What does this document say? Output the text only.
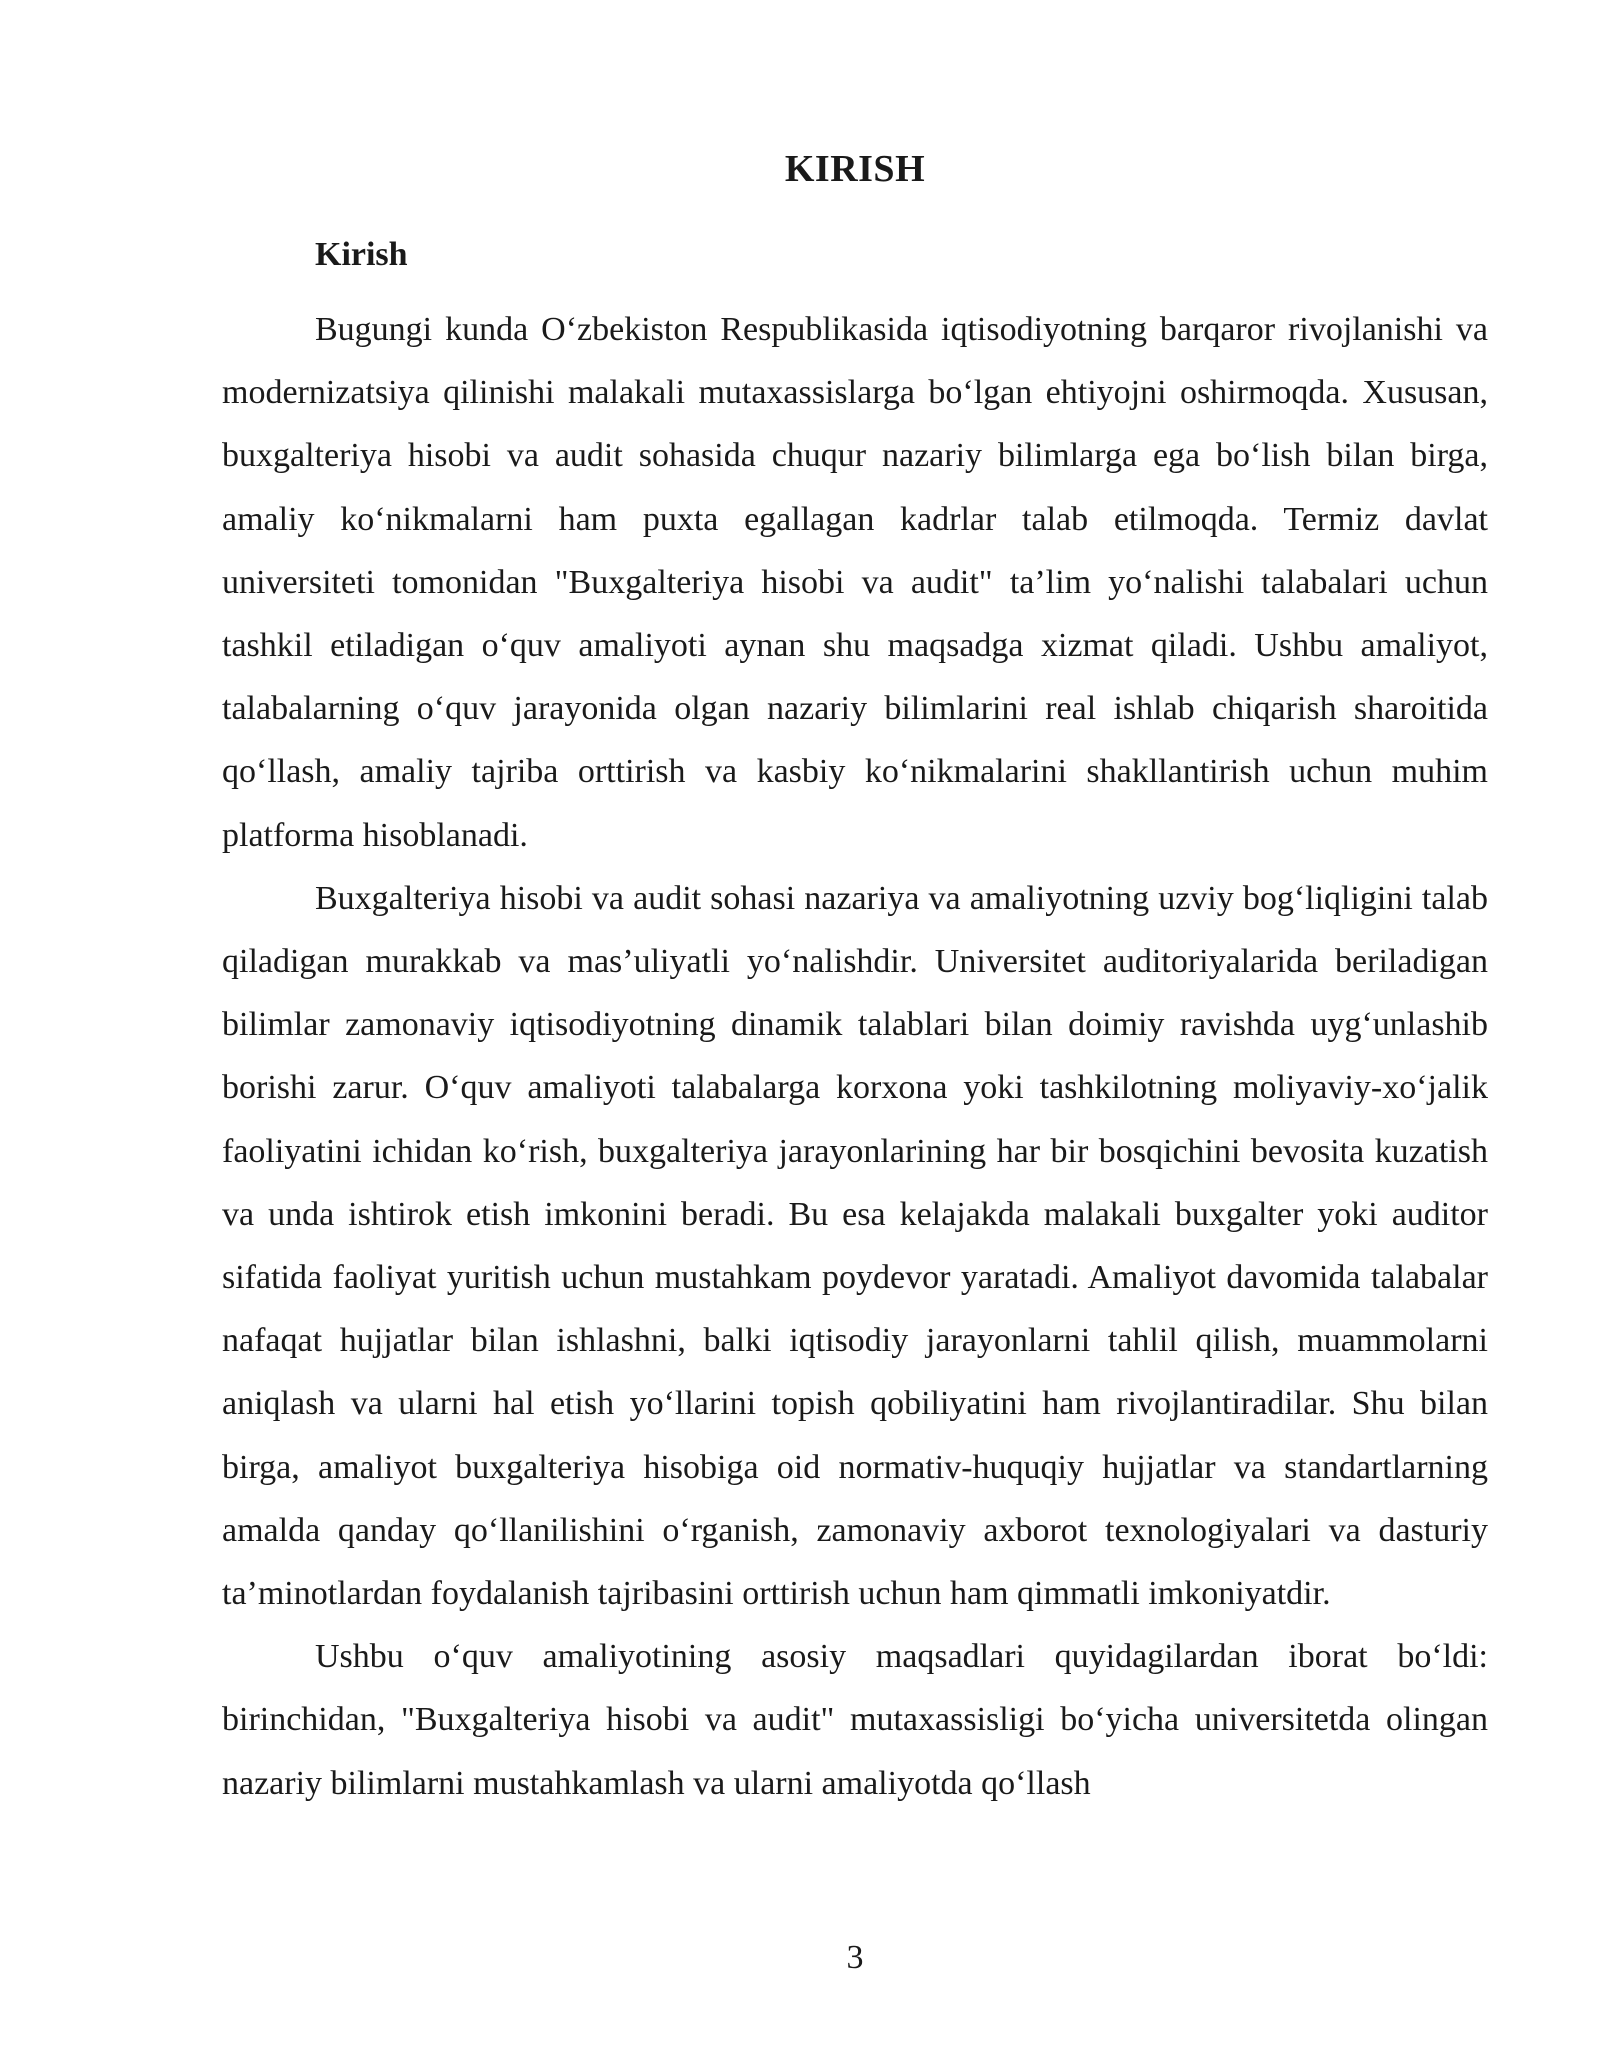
KIRISH
Kirish

Bugungi kunda O‘zbekiston Respublikasida iqtisodiyotning barqaror rivojlanishi va modernizatsiya qilinishi malakali mutaxassislarga bo‘lgan ehtiyojni oshirmoqda. Xususan, buxgalteriya hisobi va audit sohasida chuqur nazariy bilimlarga ega bo‘lish bilan birga, amaliy ko‘nikmalarni ham puxta egallagan kadrlar talab etilmoqda. Termiz davlat universiteti tomonidan "Buxgalteriya hisobi va audit" ta’lim yo‘nalishi talabalari uchun tashkil etiladigan o‘quv amaliyoti aynan shu maqsadga xizmat qiladi. Ushbu amaliyot, talabalarning o‘quv jarayonida olgan nazariy bilimlarini real ishlab chiqarish sharoitida qo‘llash, amaliy tajriba orttirish va kasbiy ko‘nikmalarini shakllantirish uchun muhim platforma hisoblanadi.

Buxgalteriya hisobi va audit sohasi nazariya va amaliyotning uzviy bog‘liqligini talab qiladigan murakkab va mas’uliyatli yo‘nalishdir. Universitet auditoriyalarida beriladigan bilimlar zamonaviy iqtisodiyotning dinamik talablari bilan doimiy ravishda uyg‘unlashib borishi zarur. O‘quv amaliyoti talabalarga korxona yoki tashkilotning moliyaviy-xo‘jalik faoliyatini ichidan ko‘rish, buxgalteriya jarayonlarining har bir bosqichini bevosita kuzatish va unda ishtirok etish imkonini beradi. Bu esa kelajakda malakali buxgalter yoki auditor sifatida faoliyat yuritish uchun mustahkam poydevor yaratadi. Amaliyot davomida talabalar nafaqat hujjatlar bilan ishlashni, balki iqtisodiy jarayonlarni tahlil qilish, muammolarni aniqlash va ularni hal etish yo‘llarini topish qobiliyatini ham rivojlantiradilar. Shu bilan birga, amaliyot buxgalteriya hisobiga oid normativ-huquqiy hujjatlar va standartlarning amalda qanday qo‘llanilishini o‘rganish, zamonaviy axborot texnologiyalari va dasturiy ta’minotlardan foydalanish tajribasini orttirish uchun ham qimmatli imkoniyatdir.

Ushbu o‘quv amaliyotining asosiy maqsadlari quyidagilardan iborat bo‘ldi: birinchidan, "Buxgalteriya hisobi va audit" mutaxassisligi bo‘yicha universitetda olingan nazariy bilimlarni mustahkamlash va ularni amaliyotda qo‘llash

3
